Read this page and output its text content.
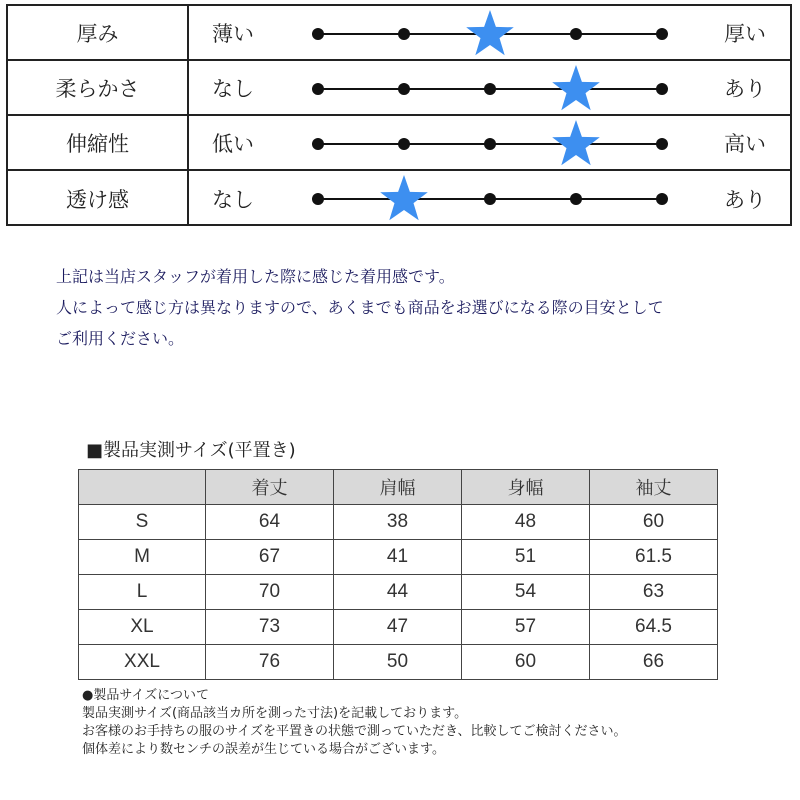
厚み	薄い	厚い
柔らかさ	なし	あり
伸縮性	低い	高い
透け感	なし	あり
上記は当店スタッフが着用した際に感じた着用感です。
人によって感じ方は異なりますので、あくまでも商品をお選びになる際の目安として
ご利用ください。
■製品実測サイズ(平置き)
	着丈	肩幅	身幅	袖丈
S	64	38	48	60
M	67	41	51	61.5
L	70	44	54	63
XL	73	47	57	64.5
XXL	76	50	60	66
●製品サイズについて
製品実測サイズ(商品該当カ所を測った寸法)を記載しております。
お客様のお手持ちの服のサイズを平置きの状態で測っていただき、比較してご検討ください。
個体差により数センチの誤差が生じている場合がございます。
